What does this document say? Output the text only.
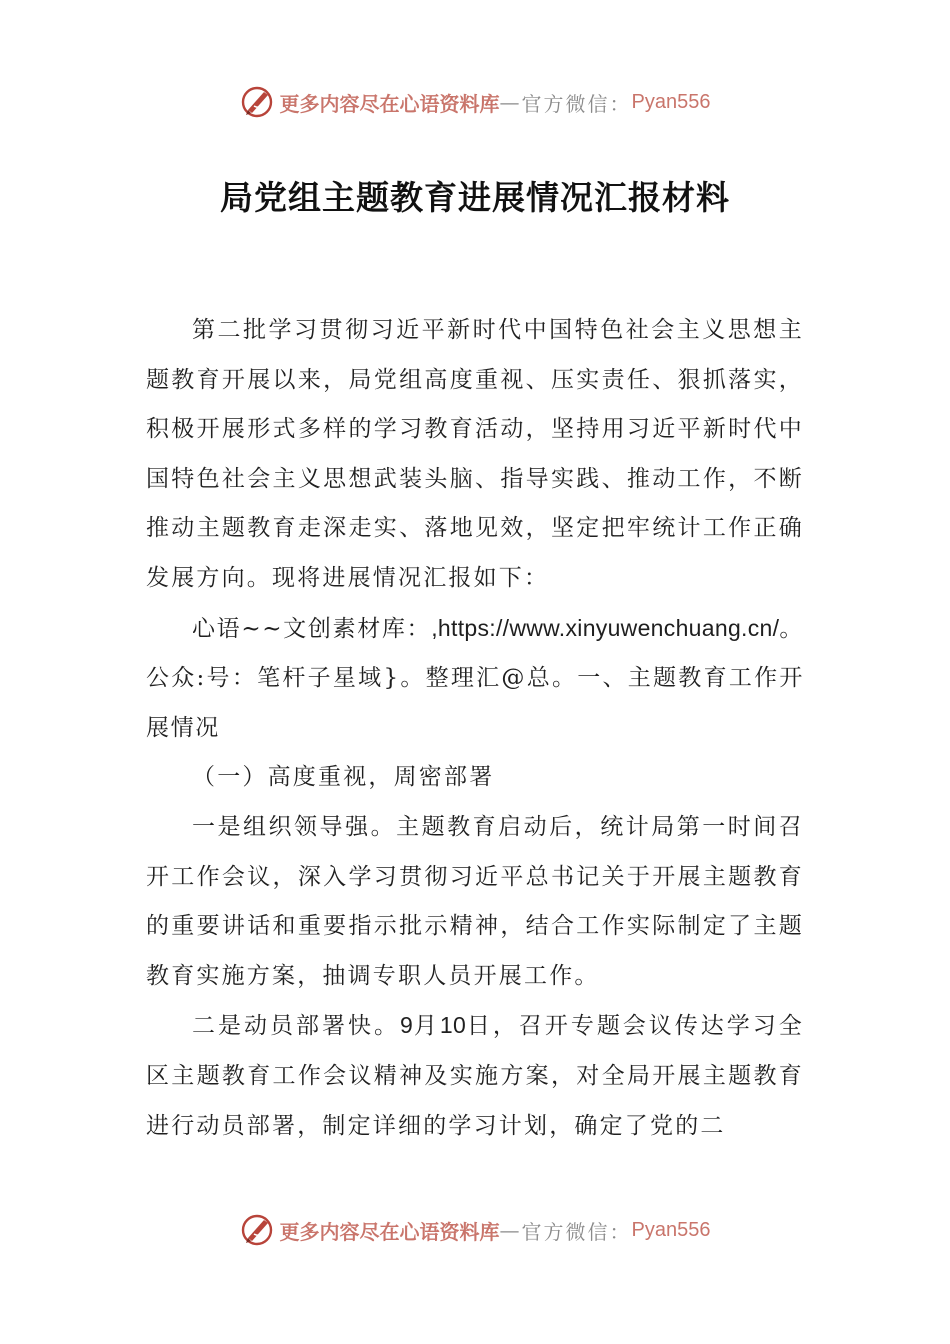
更多内容尽在心语资料库 — 官方微信： Pyan556
局党组主题教育进展情况汇报材料

第二批学习贯彻习近平新时代中国特色社会主义思想主题教育开展以来，局党组高度重视、压实责任、狠抓落实，积极开展形式多样的学习教育活动，坚持用习近平新时代中国特色社会主义思想武装头脑、指导实践、推动工作，不断推动主题教育走深走实、落地见效，坚定把牢统计工作正确发展方向。现将进展情况汇报如下：

心语~~文创素材库：,https://www.xinyuwenchuang.cn/。公众:号：笔杆子星域}。整理汇@总。一、主题教育工作开展情况

（一）高度重视，周密部署

一是组织领导强。主题教育启动后，统计局第一时间召开工作会议，深入学习贯彻习近平总书记关于开展主题教育的重要讲话和重要指示批示精神，结合工作实际制定了主题教育实施方案，抽调专职人员开展工作。

二是动员部署快。9月10日，召开专题会议传达学习全区主题教育工作会议精神及实施方案，对全局开展主题教育进行动员部署，制定详细的学习计划，确定了党的二

更多内容尽在心语资料库 — 官方微信： Pyan556
